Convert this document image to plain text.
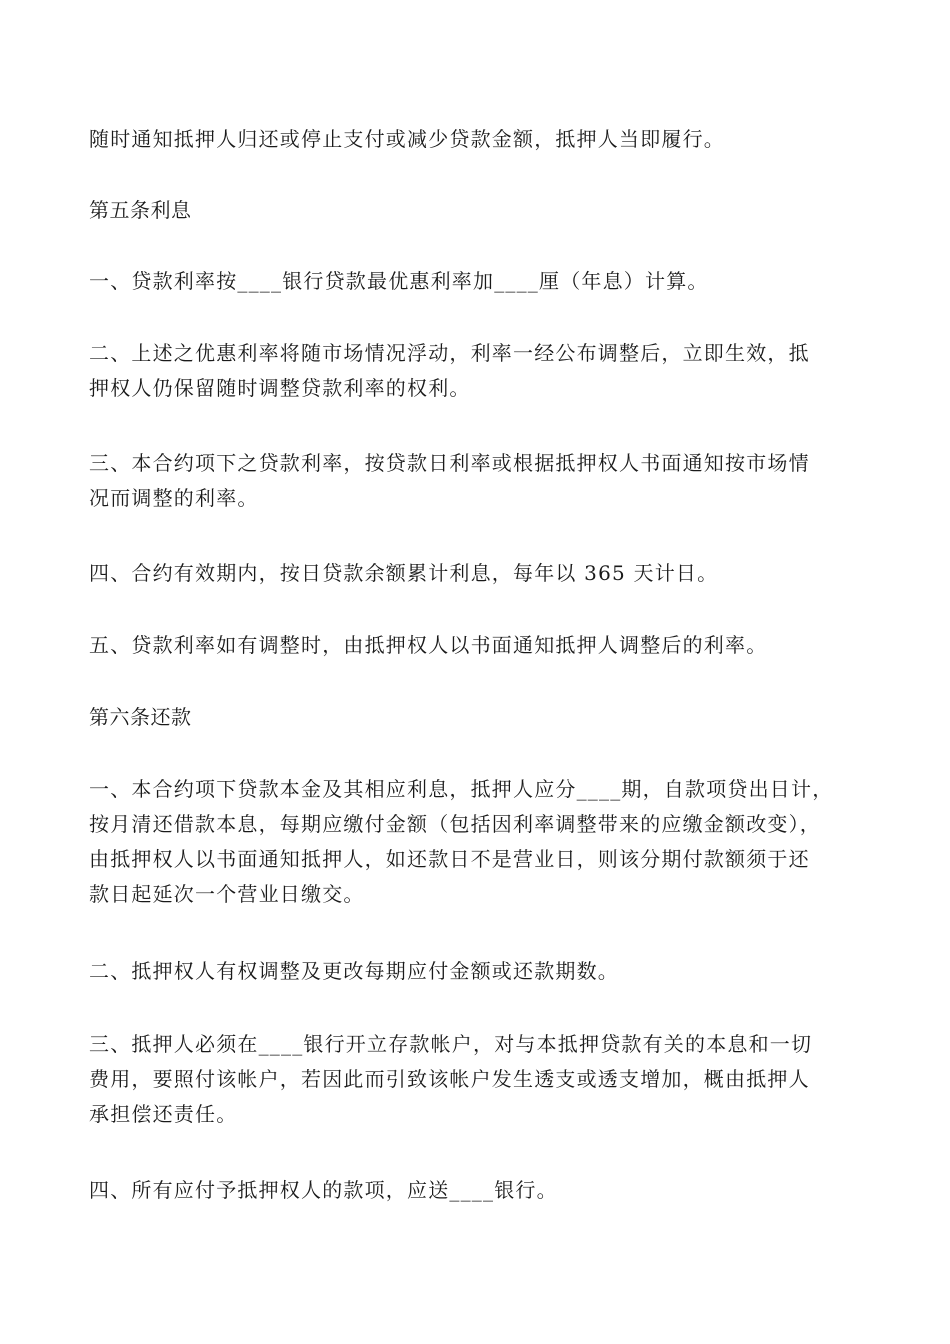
随时通知抵押人归还或停止支付或减少贷款金额，抵押人当即履行。

第五条利息

一、贷款利率按____银行贷款最优惠利率加____厘（年息）计算。

二、上述之优惠利率将随市场情况浮动，利率一经公布调整后，立即生效，抵
押权人仍保留随时调整贷款利率的权利。

三、本合约项下之贷款利率，按贷款日利率或根据抵押权人书面通知按市场情
况而调整的利率。

四、合约有效期内，按日贷款余额累计利息，每年以 365 天计日。

五、贷款利率如有调整时，由抵押权人以书面通知抵押人调整后的利率。

第六条还款

一、本合约项下贷款本金及其相应利息，抵押人应分____期，自款项贷出日计，
按月清还借款本息，每期应缴付金额（包括因利率调整带来的应缴金额改变），
由抵押权人以书面通知抵押人，如还款日不是营业日，则该分期付款额须于还
款日起延次一个营业日缴交。

二、抵押权人有权调整及更改每期应付金额或还款期数。

三、抵押人必须在____银行开立存款帐户，对与本抵押贷款有关的本息和一切
费用，要照付该帐户，若因此而引致该帐户发生透支或透支增加，概由抵押人
承担偿还责任。

四、所有应付予抵押权人的款项，应送____银行。
